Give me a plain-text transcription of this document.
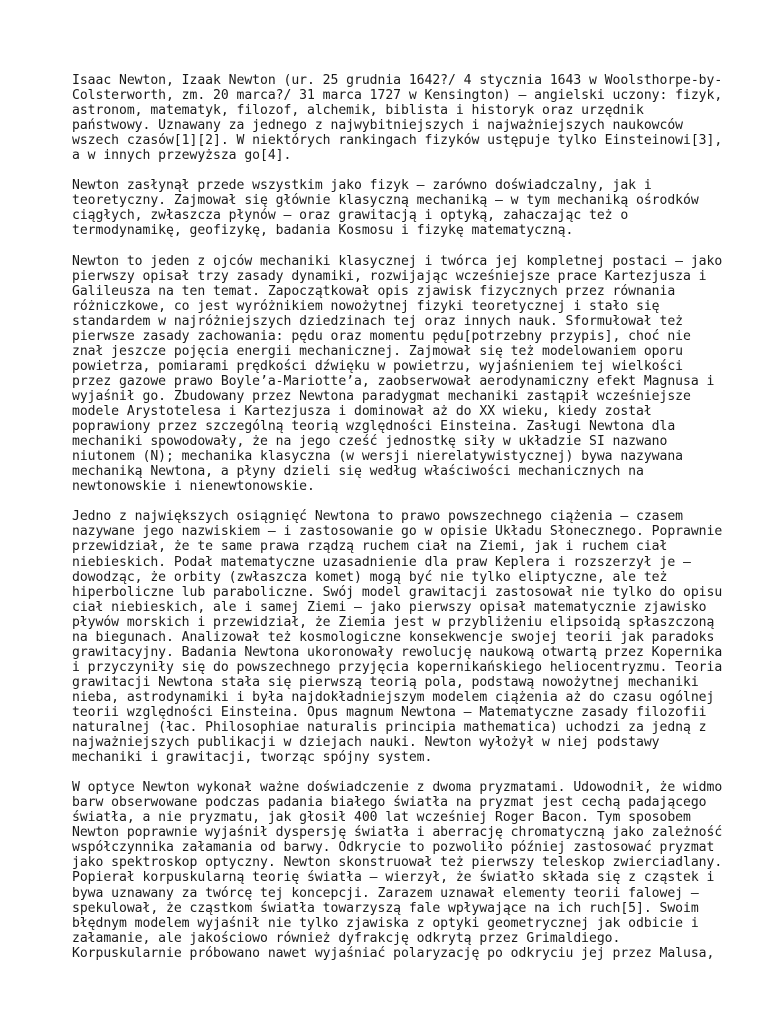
Isaac Newton, Izaak Newton (ur. 25 grudnia 1642?/ 4 stycznia 1643 w Woolsthorpe-by-
Colsterworth, zm. 20 marca?/ 31 marca 1727 w Kensington) – angielski uczony: fizyk,
astronom, matematyk, filozof, alchemik, biblista i historyk oraz urzędnik
państwowy. Uznawany za jednego z najwybitniejszych i najważniejszych naukowców
wszech czasów[1][2]. W niektórych rankingach fizyków ustępuje tylko Einsteinowi[3],
a w innych przewyższa go[4].
Newton zasłynął przede wszystkim jako fizyk – zarówno doświadczalny, jak i
teoretyczny. Zajmował się głównie klasyczną mechaniką – w tym mechaniką ośrodków
ciągłych, zwłaszcza płynów – oraz grawitacją i optyką, zahaczając też o
termodynamikę, geofizykę, badania Kosmosu i fizykę matematyczną.
Newton to jeden z ojców mechaniki klasycznej i twórca jej kompletnej postaci – jako
pierwszy opisał trzy zasady dynamiki, rozwijając wcześniejsze prace Kartezjusza i
Galileusza na ten temat. Zapoczątkował opis zjawisk fizycznych przez równania
różniczkowe, co jest wyróżnikiem nowożytnej fizyki teoretycznej i stało się
standardem w najróżniejszych dziedzinach tej oraz innych nauk. Sformułował też
pierwsze zasady zachowania: pędu oraz momentu pędu[potrzebny przypis], choć nie
znał jeszcze pojęcia energii mechanicznej. Zajmował się też modelowaniem oporu
powietrza, pomiarami prędkości dźwięku w powietrzu, wyjaśnieniem tej wielkości
przez gazowe prawo Boyle’a-Mariotte’a, zaobserwował aerodynamiczny efekt Magnusa i
wyjaśnił go. Zbudowany przez Newtona paradygmat mechaniki zastąpił wcześniejsze
modele Arystotelesa i Kartezjusza i dominował aż do XX wieku, kiedy został
poprawiony przez szczególną teorią względności Einsteina. Zasługi Newtona dla
mechaniki spowodowały, że na jego cześć jednostkę siły w układzie SI nazwano
niutonem (N); mechanika klasyczna (w wersji nierelatywistycznej) bywa nazywana
mechaniką Newtona, a płyny dzieli się według właściwości mechanicznych na
newtonowskie i nienewtonowskie.
Jedno z największych osiągnięć Newtona to prawo powszechnego ciążenia – czasem
nazywane jego nazwiskiem – i zastosowanie go w opisie Układu Słonecznego. Poprawnie
przewidział, że te same prawa rządzą ruchem ciał na Ziemi, jak i ruchem ciał
niebieskich. Podał matematyczne uzasadnienie dla praw Keplera i rozszerzył je –
dowodząc, że orbity (zwłaszcza komet) mogą być nie tylko eliptyczne, ale też
hiperboliczne lub paraboliczne. Swój model grawitacji zastosował nie tylko do opisu
ciał niebieskich, ale i samej Ziemi – jako pierwszy opisał matematycznie zjawisko
pływów morskich i przewidział, że Ziemia jest w przybliżeniu elipsoidą spłaszczoną
na biegunach. Analizował też kosmologiczne konsekwencje swojej teorii jak paradoks
grawitacyjny. Badania Newtona ukoronowały rewolucję naukową otwartą przez Kopernika
i przyczyniły się do powszechnego przyjęcia kopernikańskiego heliocentryzmu. Teoria
grawitacji Newtona stała się pierwszą teorią pola, podstawą nowożytnej mechaniki
nieba, astrodynamiki i była najdokładniejszym modelem ciążenia aż do czasu ogólnej
teorii względności Einsteina. Opus magnum Newtona – Matematyczne zasady filozofii
naturalnej (łac. Philosophiae naturalis principia mathematica) uchodzi za jedną z
najważniejszych publikacji w dziejach nauki. Newton wyłożył w niej podstawy
mechaniki i grawitacji, tworząc spójny system.
W optyce Newton wykonał ważne doświadczenie z dwoma pryzmatami. Udowodnił, że widmo
barw obserwowane podczas padania białego światła na pryzmat jest cechą padającego
światła, a nie pryzmatu, jak głosił 400 lat wcześniej Roger Bacon. Tym sposobem
Newton poprawnie wyjaśnił dyspersję światła i aberrację chromatyczną jako zależność
współczynnika załamania od barwy. Odkrycie to pozwoliło później zastosować pryzmat
jako spektroskop optyczny. Newton skonstruował też pierwszy teleskop zwierciadlany.
Popierał korpuskularną teorię światła – wierzył, że światło składa się z cząstek i
bywa uznawany za twórcę tej koncepcji. Zarazem uznawał elementy teorii falowej –
spekulował, że cząstkom światła towarzyszą fale wpływające na ich ruch[5]. Swoim
błędnym modelem wyjaśnił nie tylko zjawiska z optyki geometrycznej jak odbicie i
załamanie, ale jakościowo również dyfrakcję odkrytą przez Grimaldiego.
Korpuskularnie próbowano nawet wyjaśniać polaryzację po odkryciu jej przez Malusa,
